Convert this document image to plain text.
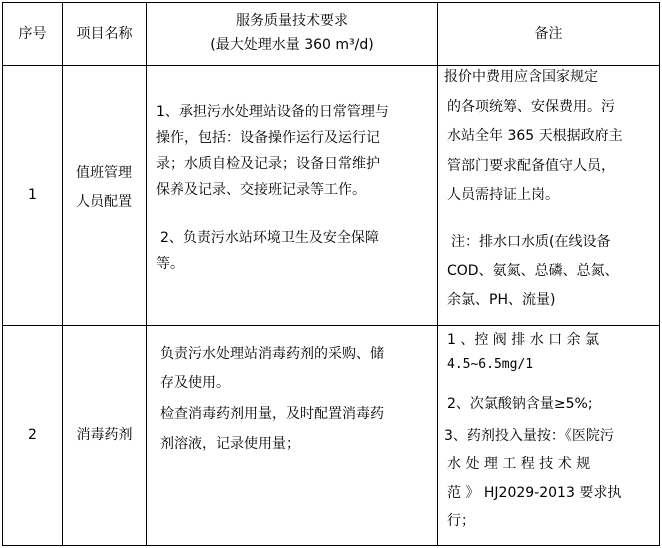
序号	项目名称
服务质量技术要求
(最大处理水量 360 m³/d)
备注
1
值班管理
人员配置
1、承担污水处理站设备的日常管理与
操作，包括：设备操作运行及运行记
录；水质自检及记录；设备日常维护
保养及记录、交接班记录等工作。
2、负责污水站环境卫生及安全保障
等。
报价中费用应含国家规定
的各项统筹、安保费用。污
水站全年 365 天根据政府主
管部门要求配备值守人员，
人员需持证上岗。
注：排水口水质(在线设备
COD、氨氮、总磷、总氮、
余氯、PH、流量)
2	消毒药剂
负责污水处理站消毒药剂的采购、储
存及使用。
检查消毒药剂用量，及时配置消毒药
剂溶液，记录使用量；
1 、控 阀 排 水 口 余 氯
4.5~6.5mg/1
2、次氯酸钠含量≥5%;
3、药剂投入量按：《医院污
水 处 理 工 程 技 术 规
范 》 HJ2029-2013 要求执
行；
